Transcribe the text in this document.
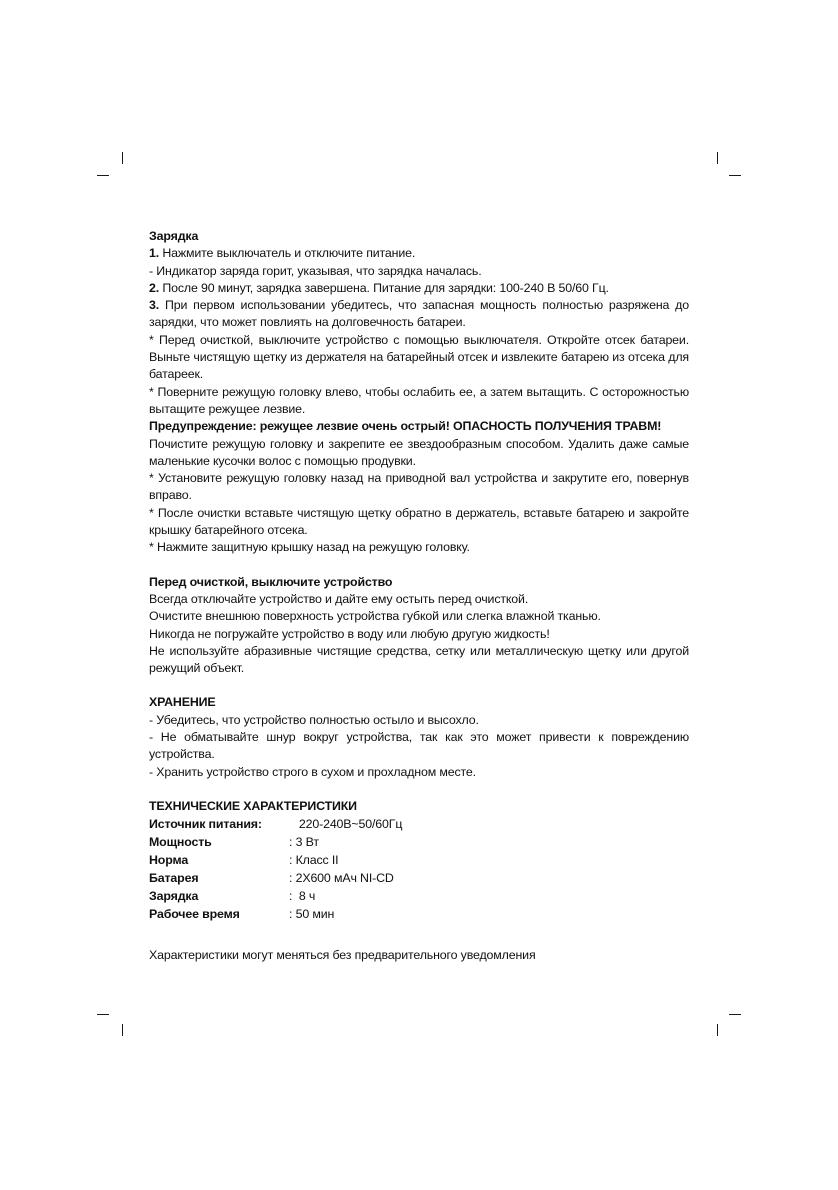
Зарядка

1. Нажмите выключатель и отключите питание.

- Индикатор заряда горит, указывая, что зарядка началась.

2. После 90 минут, зарядка завершена. Питание для зарядки: 100-240 В 50/60 Гц.

3. При первом использовании убедитесь, что запасная мощность полностью разряжена до зарядки, что может повлиять на долговечность батареи.

* Перед очисткой, выключите устройство с помощью выключателя. Откройте отсек батареи. Выньте чистящую щетку из держателя на батарейный отсек и извлеките батарею из отсека для батареек.

* Поверните режущую головку влево, чтобы ослабить ее, а затем вытащить. С осторожностью вытащите режущее лезвие.

Предупреждение: режущее лезвие очень острый! ОПАСНОСТЬ ПОЛУЧЕНИЯ ТРАВМ!

Почистите режущую головку и закрепите ее звездообразным способом. Удалить даже самые маленькие кусочки волос с помощью продувки.

* Установите режущую головку назад на приводной вал устройства и закрутите его, повернув вправо.

* После очистки вставьте чистящую щетку обратно в держатель, вставьте батарею и закройте крышку батарейного отсека.

* Нажмите защитную крышку назад на режущую головку.

Перед очисткой, выключите устройство

Всегда отключайте устройство и дайте ему остыть перед очисткой.

Очистите внешнюю поверхность устройства губкой или слегка влажной тканью.

Никогда не погружайте устройство в воду или любую другую жидкость!

Не используйте абразивные чистящие средства, сетку или металлическую щетку или другой режущий объект.

ХРАНЕНИЕ

- Убедитесь, что устройство полностью остыло и высохло.

- Не обматывайте шнур вокруг устройства, так как это может привести к повреждению устройства.

- Хранить устройство строго в сухом и прохладном месте.

ТЕХНИЧЕСКИЕ ХАРАКТЕРИСТИКИ

Источник питания:	220-240В~50/60Гц
Мощность	: 3 Вт
Норма	: Класс II
Батарея	: 2Х600 мАч NI-CD
Зарядка	:  8 ч
Рабочее время	: 50 мин

Характеристики могут меняться без предварительного уведомления
